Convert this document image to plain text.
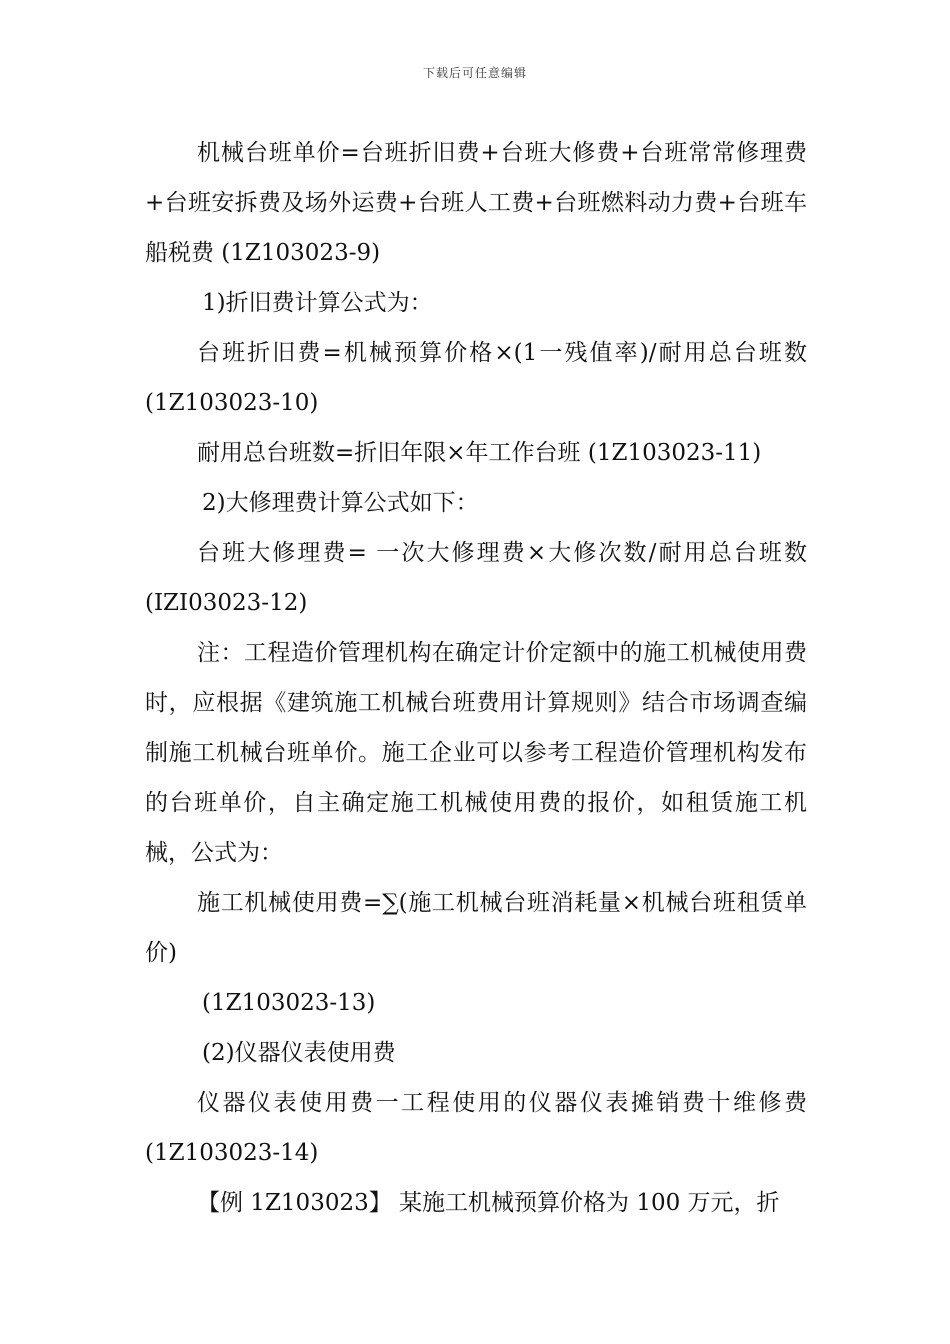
下载后可任意编辑

机械台班单价=台班折旧费+台班大修费+台班常常修理费+台班安拆费及场外运费+台班人工费+台班燃料动力费+台班车船税费 (1Z103023-9)

1)折旧费计算公式为：

台班折旧费=机械预算价格×(1一残值率)/耐用总台班数 (1Z103023-10)

耐用总台班数=折旧年限×年工作台班 (1Z103023-11)

2)大修理费计算公式如下：

台班大修理费= 一次大修理费×大修次数/耐用总台班数 (IZI03023-12)

注：工程造价管理机构在确定计价定额中的施工机械使用费时，应根据《建筑施工机械台班费用计算规则》结合市场调查编制施工机械台班单价。施工企业可以参考工程造价管理机构发布的台班单价，自主确定施工机械使用费的报价，如租赁施工机械，公式为：

施工机械使用费=∑(施工机械台班消耗量×机械台班租赁单价)

(1Z103023-13)

(2)仪器仪表使用费

仪器仪表使用费一工程使用的仪器仪表摊销费十维修费 (1Z103023-14)

【例 1Z103023】 某施工机械预算价格为 100 万元，折
